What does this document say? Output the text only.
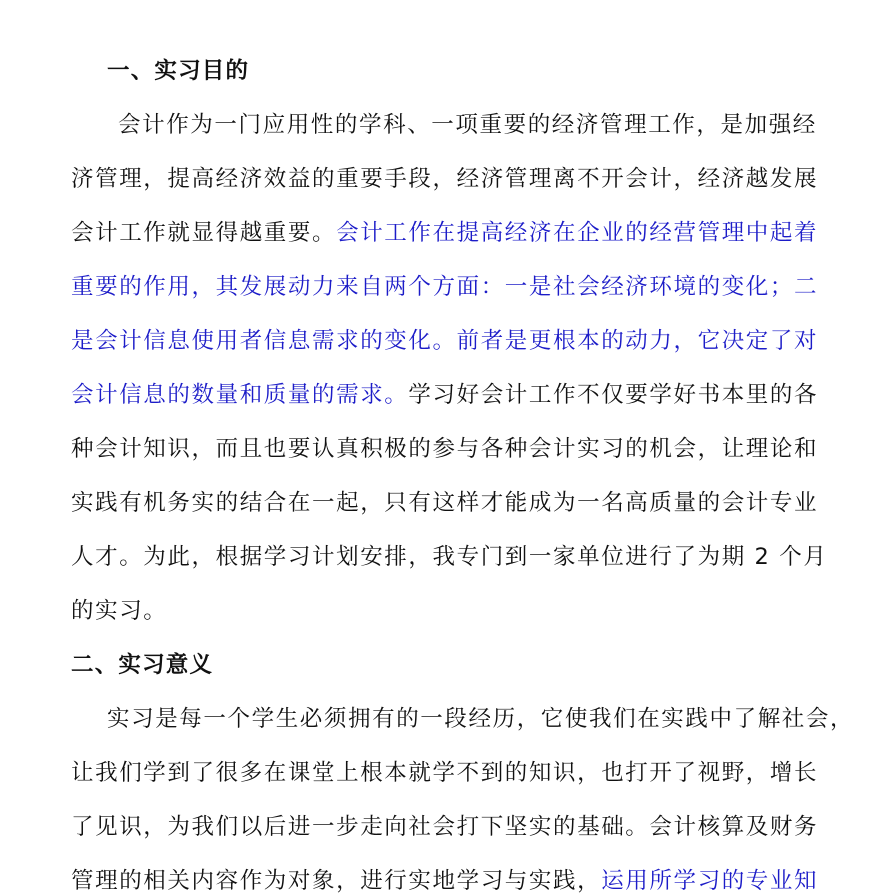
一、实习目的
会计作为一门应用性的学科、一项重要的经济管理工作，是加强经
济管理，提高经济效益的重要手段，经济管理离不开会计，经济越发展
会计工作就显得越重要。会计工作在提高经济在企业的经营管理中起着
重要的作用，其发展动力来自两个方面：一是社会经济环境的变化；二
是会计信息使用者信息需求的变化。前者是更根本的动力，它决定了对
会计信息的数量和质量的需求。学习好会计工作不仅要学好书本里的各
种会计知识，而且也要认真积极的参与各种会计实习的机会，让理论和
实践有机务实的结合在一起，只有这样才能成为一名高质量的会计专业
人才。为此，根据学习计划安排，我专门到一家单位进行了为期 2 个月
的实习。
二、实习意义
实习是每一个学生必须拥有的一段经历，它使我们在实践中了解社会，
让我们学到了很多在课堂上根本就学不到的知识，也打开了视野，增长
了见识，为我们以后进一步走向社会打下坚实的基础。会计核算及财务
管理的相关内容作为对象，进行实地学习与实践，运用所学习的专业知
